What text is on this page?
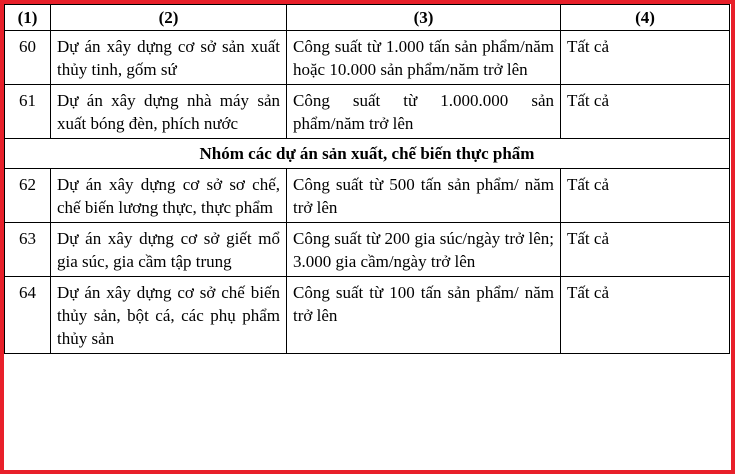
(1)	(2)	(3)	(4)
60	Dự án xây dựng cơ sở sản xuất thủy tinh, gốm sứ	Công suất từ 1.000 tấn sản phẩm/năm hoặc 10.000 sản phẩm/năm trở lên	Tất cả
61	Dự án xây dựng nhà máy sản xuất bóng đèn, phích nước	Công suất từ 1.000.000 sản phẩm/năm trở lên	Tất cả
Nhóm các dự án sản xuất, chế biến thực phẩm			
62	Dự án xây dựng cơ sở sơ chế, chế biến lương thực, thực phẩm	Công suất từ 500 tấn sản phẩm/ năm trở lên	Tất cả
63	Dự án xây dựng cơ sở giết mổ gia súc, gia cầm tập trung	Công suất từ 200 gia súc/ngày trở lên; 3.000 gia cầm/ngày trở lên	Tất cả
64	Dự án xây dựng cơ sở chế biến thủy sản, bột cá, các phụ phẩm thủy sản	Công suất từ 100 tấn sản phẩm/ năm trở lên	Tất cả
